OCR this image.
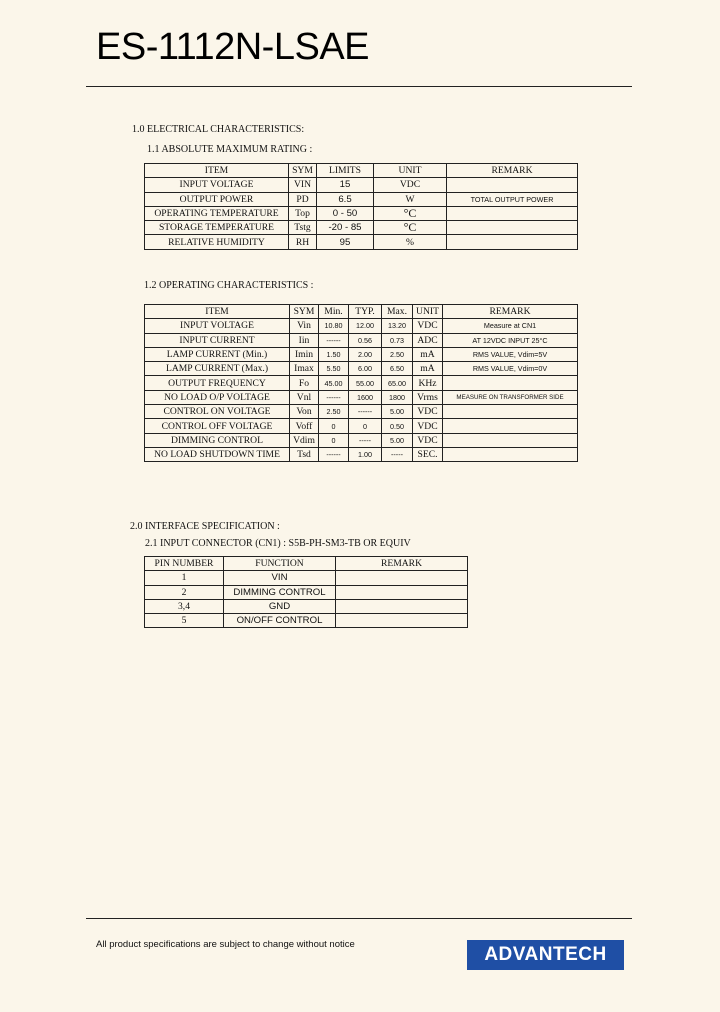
ES-1112N-LSAE
1.0 ELECTRICAL CHARACTERISTICS:
1.1 ABSOLUTE MAXIMUM RATING :
ITEM	SYM	LIMITS	UNIT	REMARK
INPUT VOLTAGE	VIN	15	VDC	
OUTPUT POWER	PD	6.5	W	TOTAL OUTPUT POWER
OPERATING TEMPERATURE	Top	0 - 50	°C	
STORAGE TEMPERATURE	Tstg	-20 - 85	°C	
RELATIVE HUMIDITY	RH	95	%	
1.2 OPERATING CHARACTERISTICS :
ITEM	SYM	Min.	TYP.	Max.	UNIT	REMARK
INPUT VOLTAGE	Vin	10.80	12.00	13.20	VDC	Measure at CN1
INPUT CURRENT	Iin	------	0.56	0.73	ADC	AT 12VDC INPUT 25°C
LAMP CURRENT (Min.)	Imin	1.50	2.00	2.50	mA	RMS VALUE, Vdim=5V
LAMP CURRENT (Max.)	Imax	5.50	6.00	6.50	mA	RMS VALUE, Vdim=0V
OUTPUT FREQUENCY	Fo	45.00	55.00	65.00	KHz	
NO LOAD O/P VOLTAGE	Vnl	------	1600	1800	Vrms	MEASURE ON TRANSFORMER SIDE
CONTROL ON VOLTAGE	Von	2.50	------	5.00	VDC	
CONTROL OFF VOLTAGE	Voff	0	0	0.50	VDC	
DIMMING CONTROL	Vdim	0	-----	5.00	VDC	
NO LOAD SHUTDOWN TIME	Tsd	------	1.00	-----	SEC.	
2.0 INTERFACE SPECIFICATION :
2.1 INPUT CONNECTOR (CN1) : S5B-PH-SM3-TB OR EQUIV
PIN NUMBER	FUNCTION	REMARK
1	VIN	
2	DIMMING CONTROL	
3,4	GND	
5	ON/OFF CONTROL	
All product specifications are subject to change without notice	ADVANTECH
